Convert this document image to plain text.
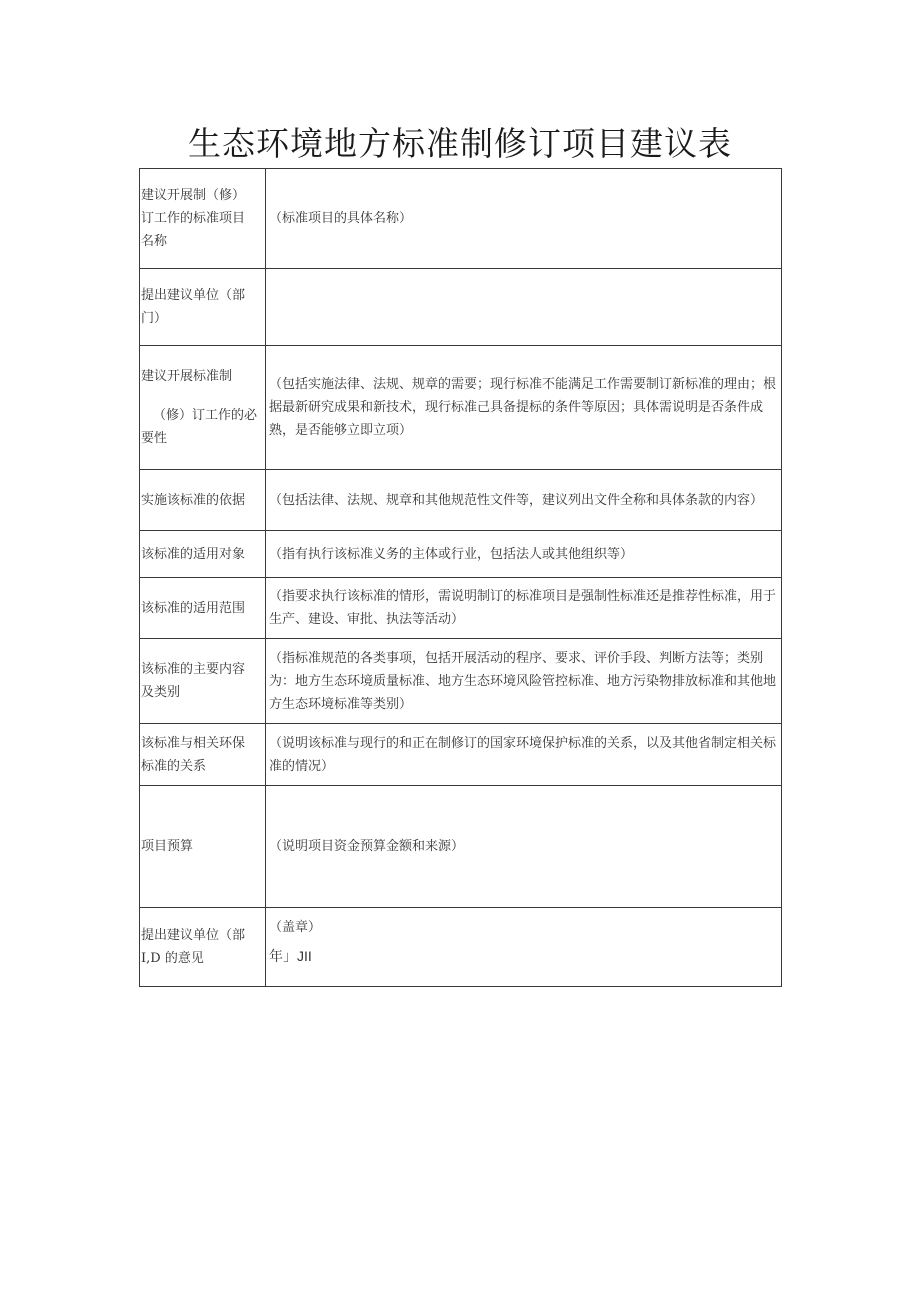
生态环境地方标准制修订项目建议表
建议开展制（修）
订工作的标准项目
名称	（标准项目的具体名称）

提出建议单位（部
门）	

建议开展标准制
（修）订工作的必
要性	（包括实施法律、法规、规章的需要；现行标准不能满足工作需要制订新标准的理由；根据最新研究成果和新技术，现行标准己具备提标的条件等原因；具体需说明是否条件成熟，是否能够立即立项）

实施该标准的依据	（包括法律、法规、规章和其他规范性文件等，建议列出文件全称和具体条款的内容）

该标准的适用对象	（指有执行该标准义务的主体或行业，包括法人或其他组织等）

该标准的适用范围	（指要求执行该标准的情形，需说明制订的标准项目是强制性标准还是推荐性标准，用于生产、建设、审批、执法等活动）

该标准的主要内容
及类别	（指标准规范的各类事项，包括开展活动的程序、要求、评价手段、判断方法等；类别为：地方生态环境质量标准、地方生态环境风险管控标准、地方污染物排放标准和其他地方生态环境标准等类别）

该标准与相关环保
标准的关系	（说明该标准与现行的和正在制修订的国家环境保护标准的关系，以及其他省制定相关标准的情况）

项目预算	（说明项目资金预算金额和来源）

提出建议单位（部
I,D 的意见	（盖章）
年」JII
